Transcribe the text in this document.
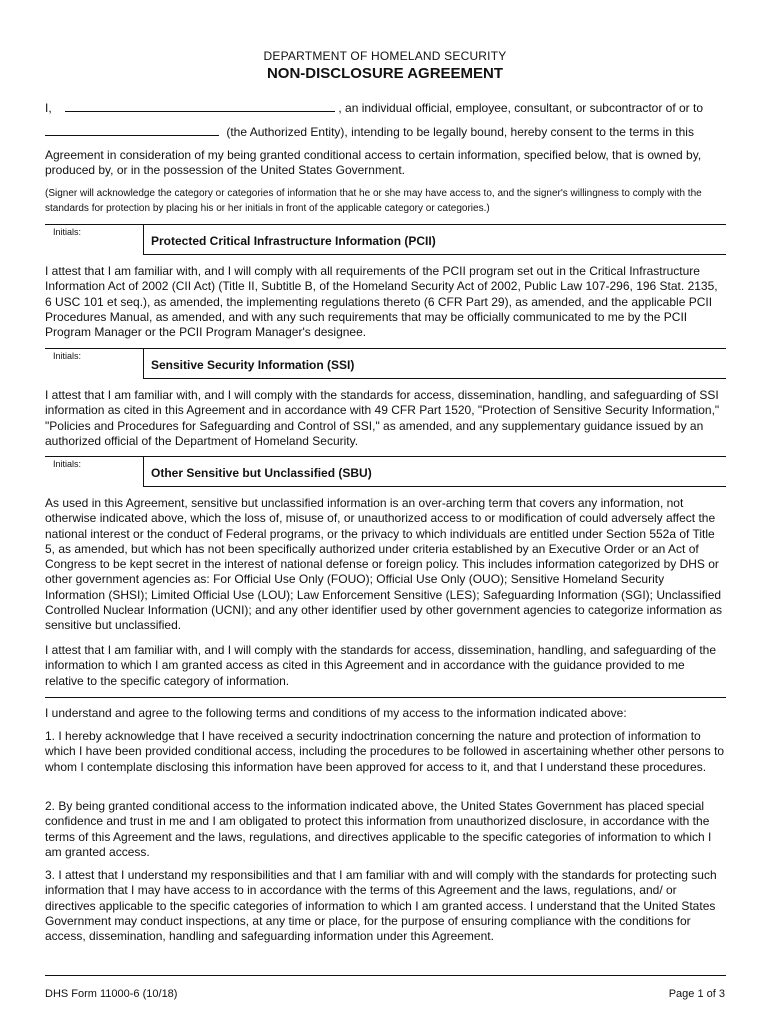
DEPARTMENT OF HOMELAND SECURITY
NON-DISCLOSURE AGREEMENT
I,	, an individual official, employee, consultant, or subcontractor of or to
(the Authorized Entity), intending to be legally bound, hereby consent to the terms in this

Agreement in consideration of my being granted conditional access to certain information, specified below, that is owned by, produced by, or in the possession of the United States Government.

(Signer will acknowledge the category or categories of information that he or she may have access to, and the signer's willingness to comply with the standards for protection by placing his or her initials in front of the applicable category or categories.)

Initials:
Protected Critical Infrastructure Information (PCII)

I attest that I am familiar with, and I will comply with all requirements of the PCII program set out in the Critical Infrastructure Information Act of 2002 (CII Act) (Title II, Subtitle B, of the Homeland Security Act of 2002, Public Law 107-296, 196 Stat. 2135, 6 USC 101 et seq.), as amended, the implementing regulations thereto (6 CFR Part 29), as amended, and the applicable PCII Procedures Manual, as amended, and with any such requirements that may be officially communicated to me by the PCII Program Manager or the PCII Program Manager's designee.

Initials:
Sensitive Security Information (SSI)

I attest that I am familiar with, and I will comply with the standards for access, dissemination, handling, and safeguarding of SSI information as cited in this Agreement and in accordance with 49 CFR Part 1520, "Protection of Sensitive Security Information," "Policies and Procedures for Safeguarding and Control of SSI," as amended, and any supplementary guidance issued by an authorized official of the Department of Homeland Security.

Initials:
Other Sensitive but Unclassified (SBU)

As used in this Agreement, sensitive but unclassified information is an over-arching term that covers any information, not otherwise indicated above, which the loss of, misuse of, or unauthorized access to or modification of could adversely affect the national interest or the conduct of Federal programs, or the privacy to which individuals are entitled under Section 552a of Title 5, as amended, but which has not been specifically authorized under criteria established by an Executive Order or an Act of Congress to be kept secret in the interest of national defense or foreign policy. This includes information categorized by DHS or other government agencies as: For Official Use Only (FOUO); Official Use Only (OUO); Sensitive Homeland Security Information (SHSI); Limited Official Use (LOU); Law Enforcement Sensitive (LES); Safeguarding Information (SGI); Unclassified Controlled Nuclear Information (UCNI); and any other identifier used by other government agencies to categorize information as sensitive but unclassified.

I attest that I am familiar with, and I will comply with the standards for access, dissemination, handling, and safeguarding of the information to which I am granted access as cited in this Agreement and in accordance with the guidance provided to me relative to the specific category of information.

I understand and agree to the following terms and conditions of my access to the information indicated above:

1. I hereby acknowledge that I have received a security indoctrination concerning the nature and protection of information to which I have been provided conditional access, including the procedures to be followed in ascertaining whether other persons to whom I contemplate disclosing this information have been approved for access to it, and that I understand these procedures.

2. By being granted conditional access to the information indicated above, the United States Government has placed special confidence and trust in me and I am obligated to protect this information from unauthorized disclosure, in accordance with the terms of this Agreement and the laws, regulations, and directives applicable to the specific categories of information to which I am granted access.

3. I attest that I understand my responsibilities and that I am familiar with and will comply with the standards for protecting such information that I may have access to in accordance with the terms of this Agreement and the laws, regulations, and/ or directives applicable to the specific categories of information to which I am granted access. I understand that the United States Government may conduct inspections, at any time or place, for the purpose of ensuring compliance with the conditions for access, dissemination, handling and safeguarding information under this Agreement.

DHS Form 11000-6 (10/18)	Page 1 of 3
